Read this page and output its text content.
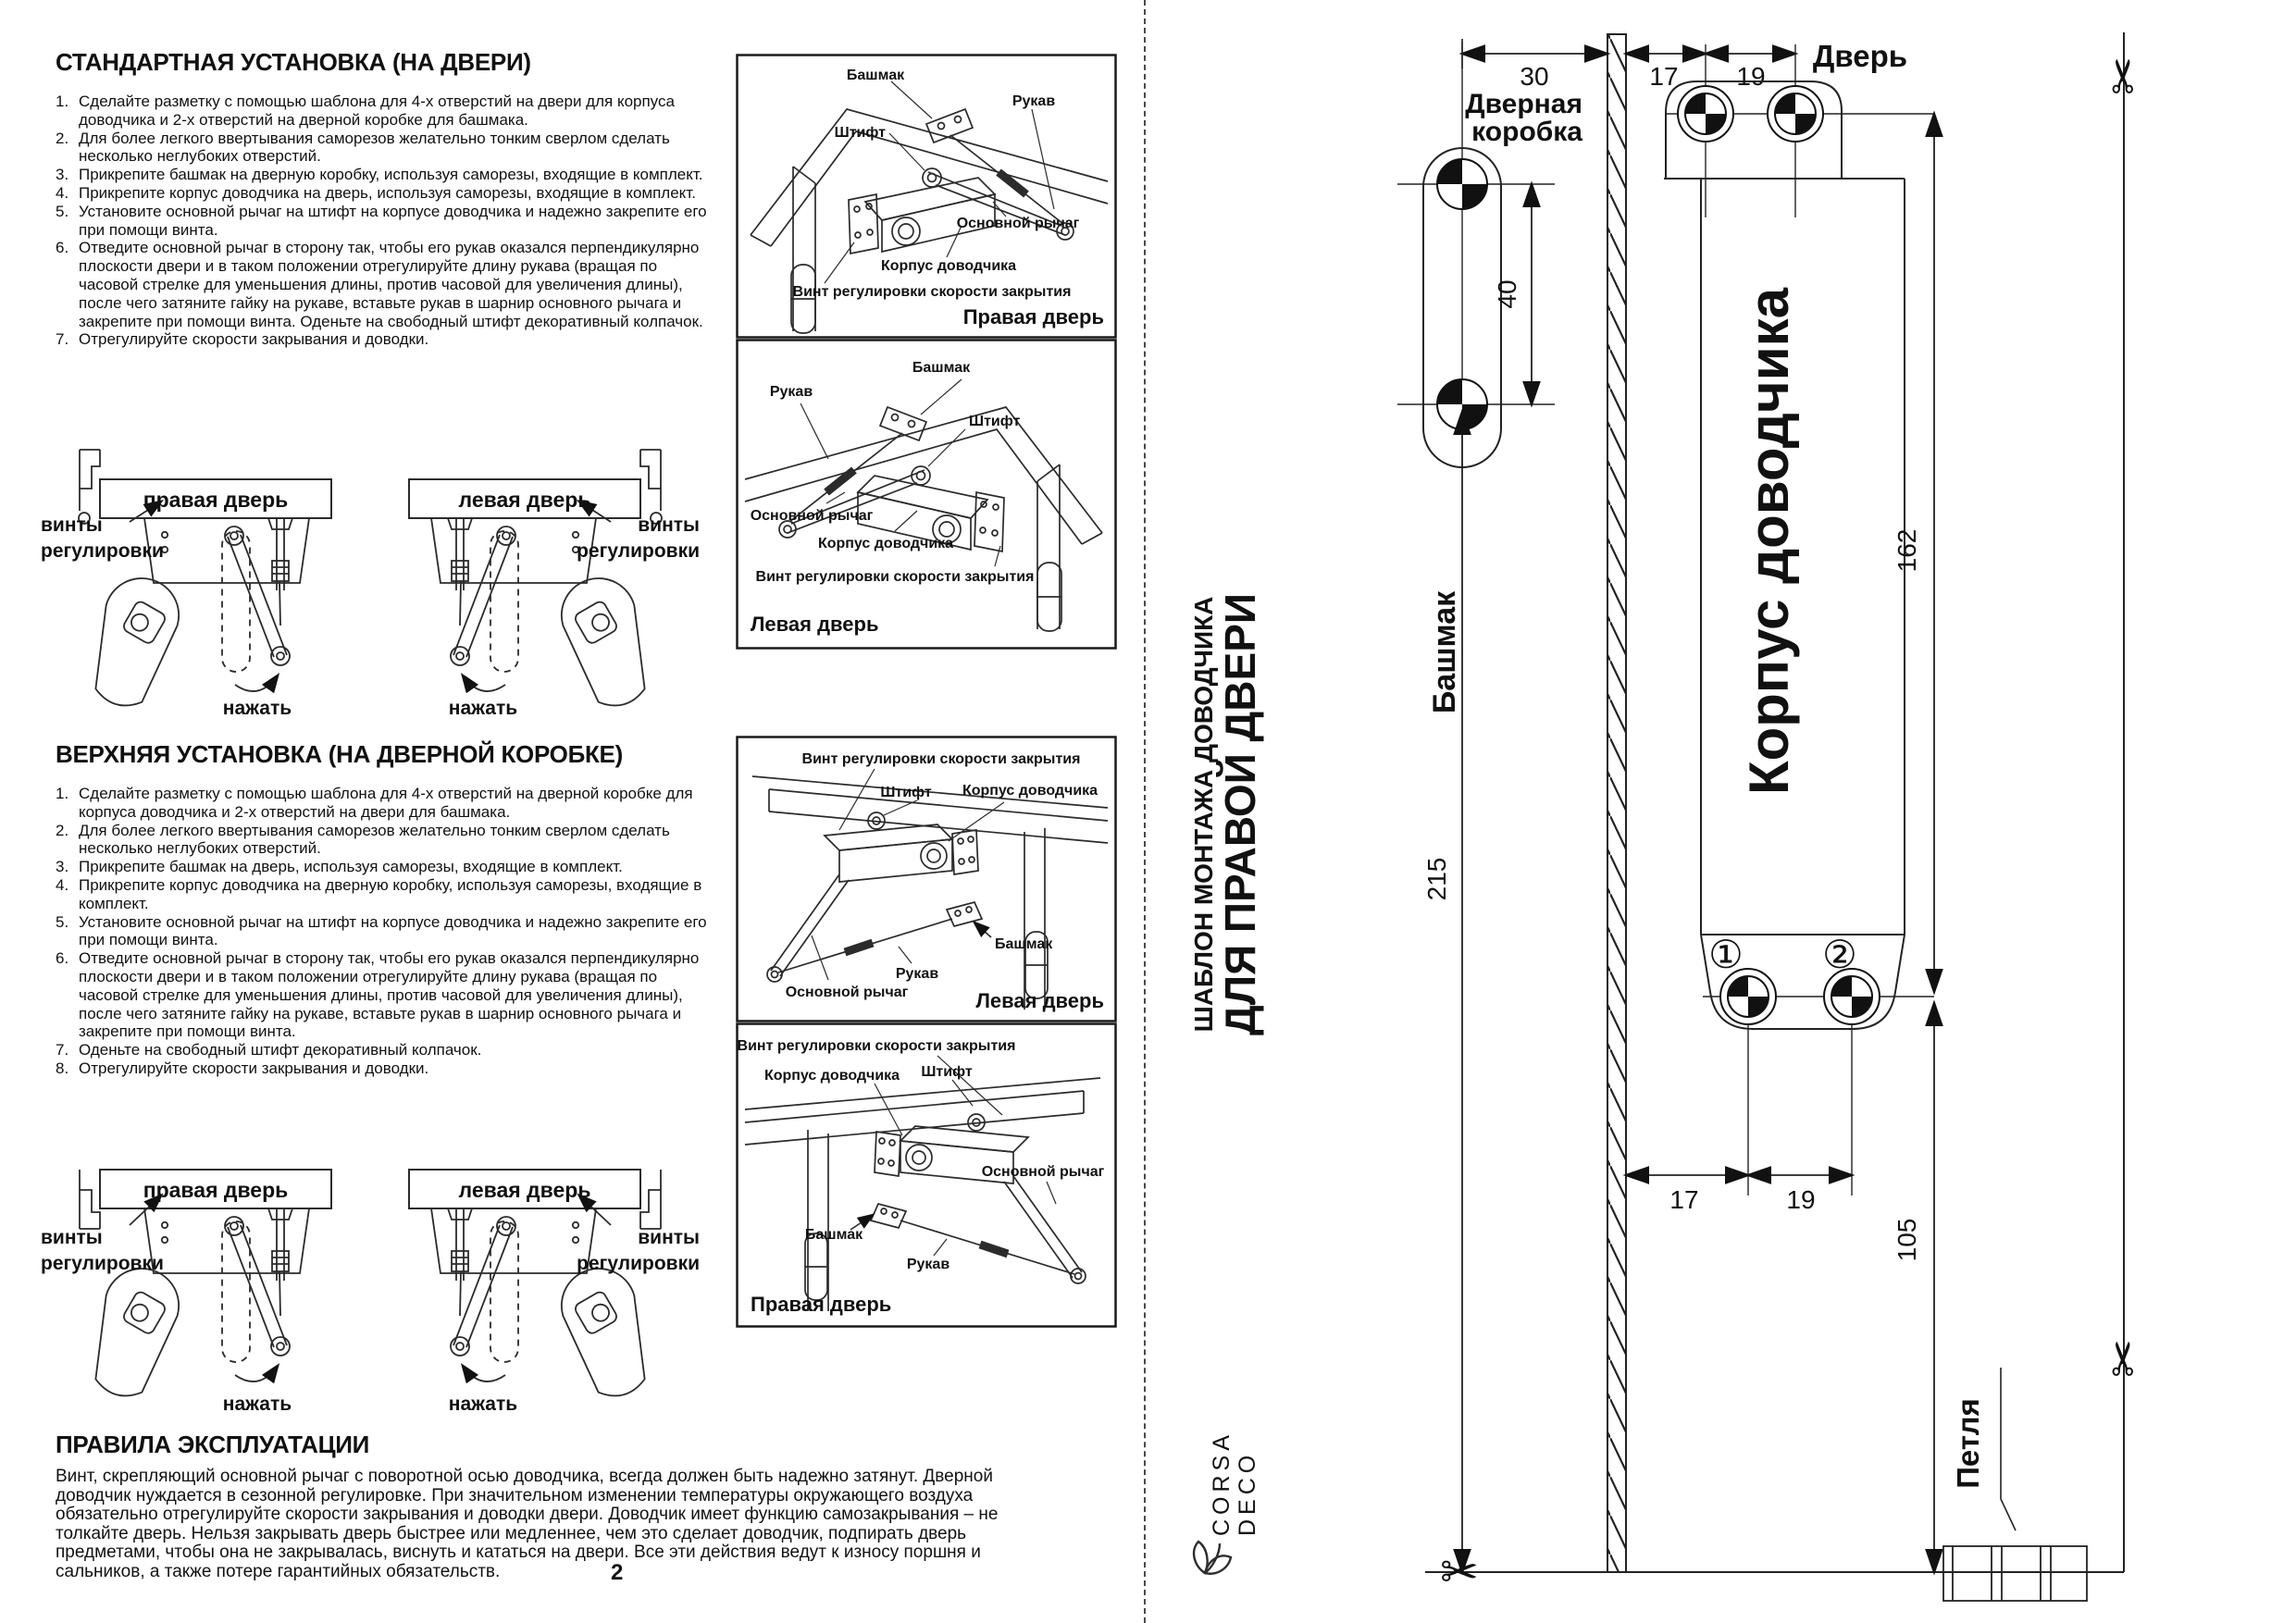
СТАНДАРТНАЯ УСТАНОВКА (НА ДВЕРИ)
Сделайте разметку с помощью шаблона для 4-х отверстий на двери для корпуса доводчика и 2-х отверстий на дверной коробке для башмака.
Для более легкого ввертывания саморезов желательно тонким сверлом сделать несколько неглубоких отверстий.
Прикрепите башмак на дверную коробку, используя саморезы, входящие в комплект.
Прикрепите корпус доводчика на дверь, используя саморезы, входящие в комплект.
Установите основной рычаг на штифт на корпусе доводчика и надежно закрепите его при помощи винта.
Отведите основной рычаг в сторону так, чтобы его рукав оказался перпендикулярно плоскости двери и в таком положении отрегулируйте длину рукава (вращая по часовой стрелке для уменьшения длины, против часовой для увеличения длины), после чего затяните гайку на рукаве, вставьте рукав в шарнир основного рычага и закрепите при помощи винта. Оденьте на свободный штифт декоративный колпачок.
Отрегулируйте скорости закрывания и доводки.
Башмак
Рукав
Штифт
Основной рычаг
Корпус доводчика
Винт регулировки скорости закрытия
Правая дверь
Рукав
Башмак
Штифт
Основной рычаг
Корпус доводчика
Винт регулировки скорости закрытия
Левая дверь
правая дверь	левая дверь
винты
регулировки
винты
регулировки
нажать	нажать
ВЕРХНЯЯ УСТАНОВКА (НА ДВЕРНОЙ КОРОБКЕ)
Сделайте разметку с помощью шаблона для 4-х отверстий на дверной коробке для корпуса доводчика и 2-х отверстий на двери для башмака.
Для более легкого ввертывания саморезов желательно тонким сверлом сделать несколько неглубоких отверстий.
Прикрепите башмак на дверь, используя саморезы, входящие в комплект.
Прикрепите корпус доводчика на дверную коробку, используя саморезы, входящие в комплект.
Установите основной рычаг на штифт на корпусе доводчика и надежно закрепите его при помощи винта.
Отведите основной рычаг в сторону так, чтобы его рукав оказался перпендикулярно плоскости двери и в таком положении отрегулируйте длину рукава (вращая по часовой стрелке для уменьшения длины, против часовой для увеличения длины), после чего затяните гайку на рукаве, вставьте рукав в шарнир основного рычага и закрепите при помощи винта.
Оденьте на свободный штифт декоративный колпачок.
Отрегулируйте скорости закрывания и доводки.
Винт регулировки скорости закрытия
Штифт Корпус доводчика
Башмак
Рукав
Основной рычаг	Левая дверь
Винт регулировки скорости закрытия
Корпус доводчика Штифт
Основной рычаг
Башмак
Рукав
Правая дверь
правая дверь	левая дверь
винты
регулировки
винты
регулировки
нажать	нажать
ПРАВИЛА ЭКСПЛУАТАЦИИ
Винт, скрепляющий основной рычаг с поворотной осью доводчика, всегда должен быть надежно затянут. Дверной доводчик нуждается в сезонной регулировке. При значительном изменении температуры окружающего воздуха обязательно отрегулируйте скорости закрывания и доводки двери. Доводчик имеет функцию самозакрывания – не толкайте дверь. Нельзя закрывать дверь быстрее или медленнее, чем это сделает доводчик, подпирать дверь предметами, чтобы она не закрывалась, виснуть и кататься на двери. Все эти действия ведут к износу поршня и сальников, а также потере гарантийных обязательств.	2
✂
✂
✂
ШАБЛОН МОНТАЖА ДОВОДЧИКА
ДЛЯ ПРАВОЙ ДВЕРИ
CORSA DECO
30	17 19
Дверь
Дверная
коробка
40
Башмак
215
Корпус доводчика
① ②
17	19
162
105
Петля
